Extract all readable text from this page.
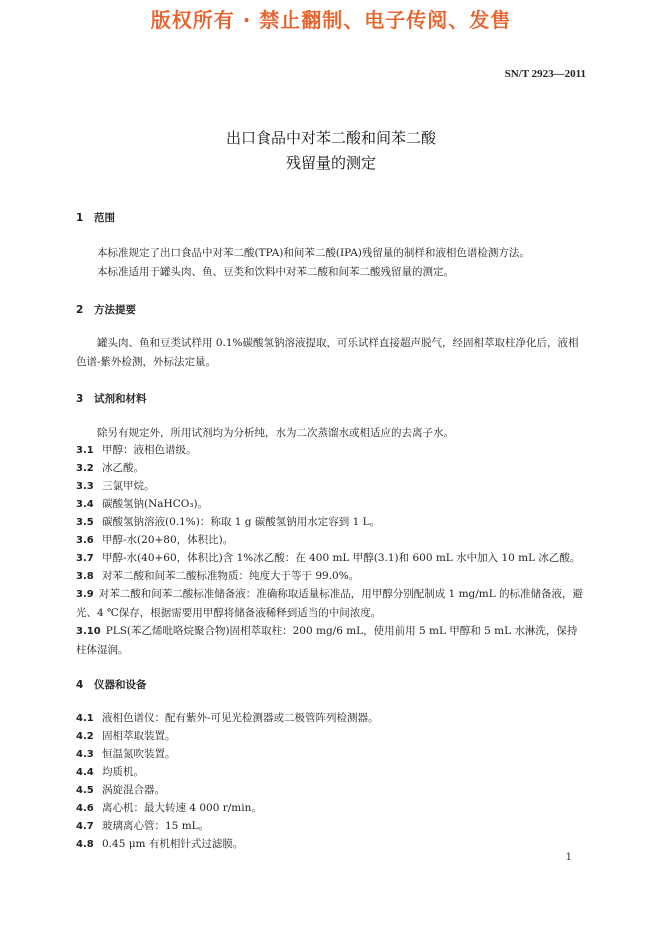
版权所有 · 禁止翻制、电子传阅、发售
SN/T 2923—2011
出口食品中对苯二酸和间苯二酸
残留量的测定
1 范围
本标准规定了出口食品中对苯二酸(TPA)和间苯二酸(IPA)残留量的制样和液相色谱检测方法。
本标准适用于罐头肉、鱼、豆类和饮料中对苯二酸和间苯二酸残留量的测定。
2 方法提要
罐头肉、鱼和豆类试样用 0.1%碳酸氢钠溶液提取，可乐试样直接超声脱气，经固相萃取柱净化后，液相色谱-紫外检测，外标法定量。
3 试剂和材料
除另有规定外，所用试剂均为分析纯，水为二次蒸馏水或相适应的去离子水。
3.1 甲醇：液相色谱级。
3.2 冰乙酸。
3.3 三氯甲烷。
3.4 碳酸氢钠(NaHCO₃)。
3.5 碳酸氢钠溶液(0.1%)：称取 1 g 碳酸氢钠用水定容到 1 L。
3.6 甲醇-水(20+80，体积比)。
3.7 甲醇-水(40+60，体积比)含 1%冰乙酸：在 400 mL 甲醇(3.1)和 600 mL 水中加入 10 mL 冰乙酸。
3.8 对苯二酸和间苯二酸标准物质：纯度大于等于 99.0%。
3.9 对苯二酸和间苯二酸标准储备液：准确称取适量标准品，用甲醇分别配制成 1 mg/mL 的标准储备液，避光、4 ℃保存，根据需要用甲醇将储备液稀释到适当的中间浓度。
3.10 PLS(苯乙烯吡咯烷聚合物)固相萃取柱：200 mg/6 mL，使用前用 5 mL 甲醇和 5 mL 水淋洗，保持柱体湿润。
4 仪器和设备
4.1 液相色谱仪：配有紫外-可见光检测器或二极管阵列检测器。
4.2 固相萃取装置。
4.3 恒温氮吹装置。
4.4 均质机。
4.5 涡旋混合器。
4.6 离心机：最大转速 4 000 r/min。
4.7 玻璃离心管：15 mL。
4.8 0.45 μm 有机相针式过滤膜。
1
